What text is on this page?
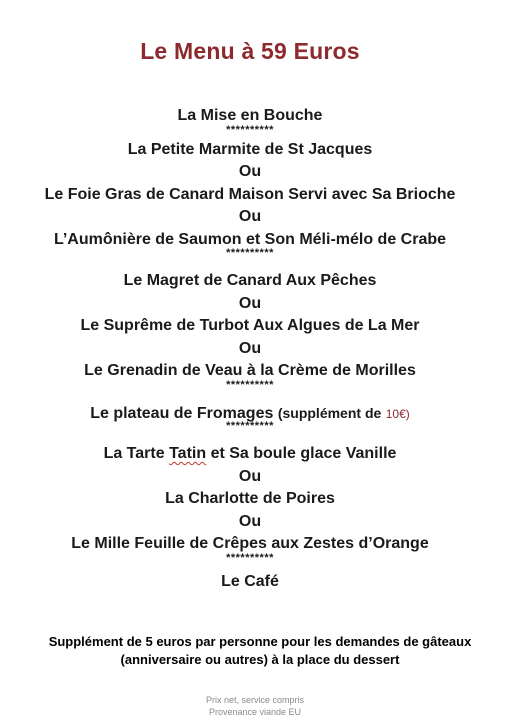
Le Menu à 59 Euros
La Mise en Bouche
**********
La Petite Marmite de St Jacques
Ou
Le Foie Gras de Canard Maison Servi avec Sa Brioche
Ou
L’Aumônière de Saumon et Son Méli-mélo de Crabe
**********
Le Magret de Canard Aux Pêches
Ou
Le Suprême de Turbot Aux Algues de La Mer
Ou
Le Grenadin de Veau à la Crème de Morilles
**********
Le plateau de Fromages (supplément de 10€)
**********
La Tarte Tatin et Sa boule glace Vanille
Ou
La Charlotte de Poires
Ou
Le Mille Feuille de Crêpes aux Zestes d’Orange
**********
Le Café
Supplément de 5 euros par personne pour les demandes de gâteaux
(anniversaire ou autres) à la place du dessert
Prix net, service compris
Provenance viande EU
